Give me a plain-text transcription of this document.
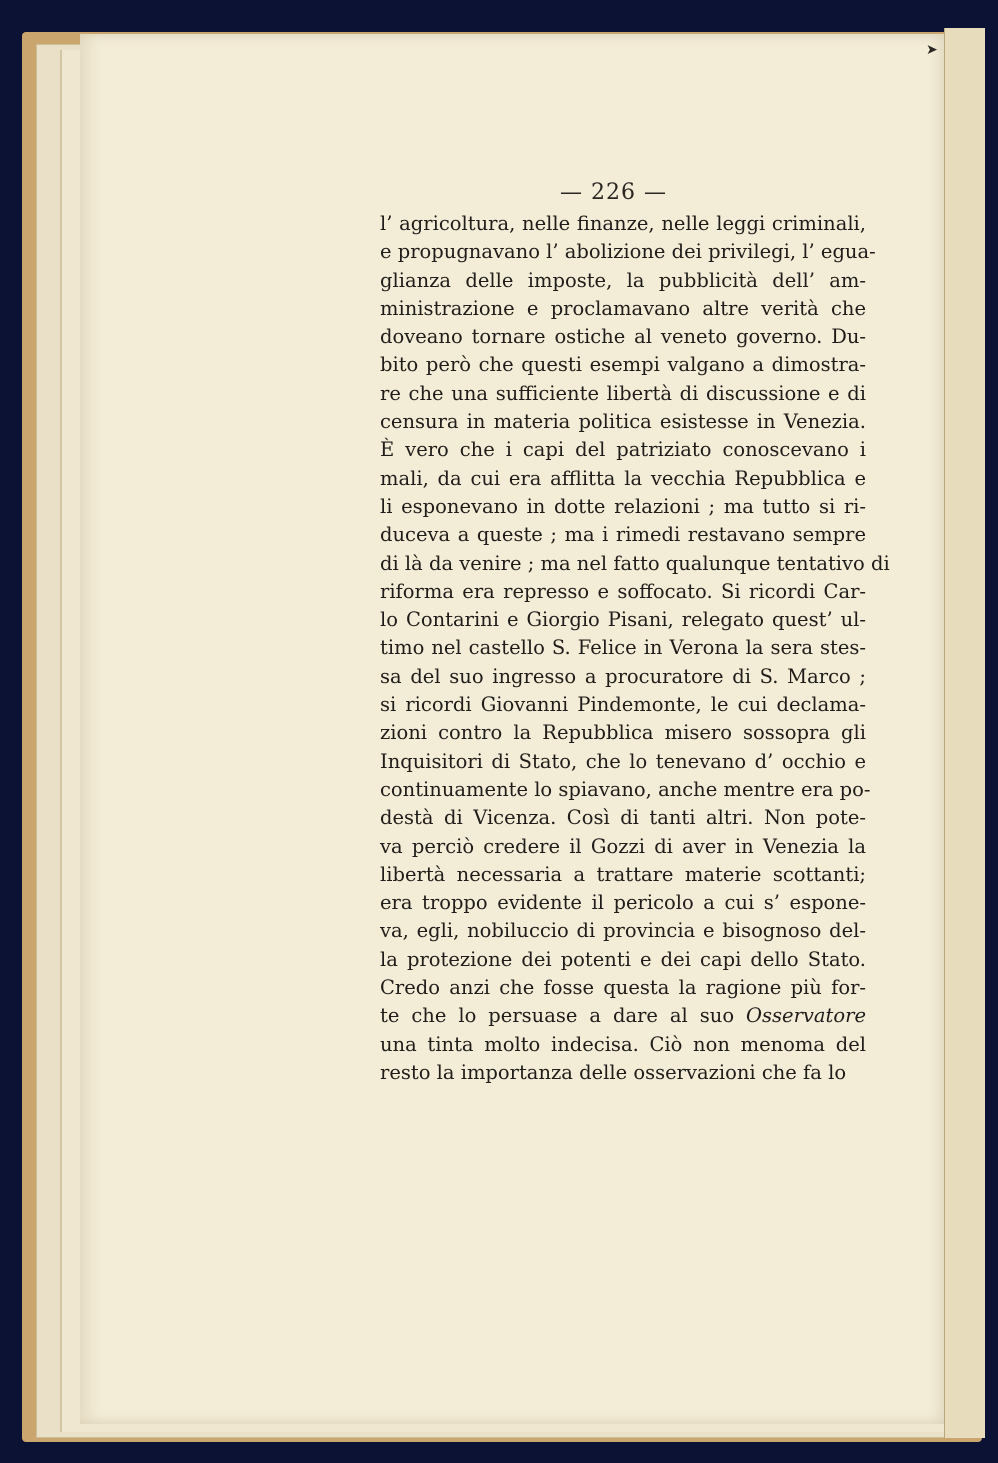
— 226 —
l’ agricoltura, nelle finanze, nelle leggi criminali,
e propugnavano l’ abolizione dei privilegi, l’ egua-
glianza delle imposte, la pubblicità dell’ am-
ministrazione e proclamavano altre verità che
doveano tornare ostiche al veneto governo. Du-
bito però che questi esempi valgano a dimostra-
re che una sufficiente libertà di discussione e di
censura in materia politica esistesse in Venezia.
È vero che i capi del patriziato conoscevano i
mali, da cui era afflitta la vecchia Repubblica e
li esponevano in dotte relazioni ; ma tutto si ri-
duceva a queste ; ma i rimedi restavano sempre
di là da venire ; ma nel fatto qualunque tentativo di
riforma era represso e soffocato. Si ricordi Car-
lo Contarini e Giorgio Pisani, relegato quest’ ul-
timo nel castello S. Felice in Verona la sera stes-
sa del suo ingresso a procuratore di S. Marco ;
si ricordi Giovanni Pindemonte, le cui declama-
zioni contro la Repubblica misero sossopra gli
Inquisitori di Stato, che lo tenevano d’ occhio e
continuamente lo spiavano, anche mentre era po-
destà di Vicenza. Così di tanti altri. Non pote-
va perciò credere il Gozzi di aver in Venezia la
libertà necessaria a trattare materie scottanti;
era troppo evidente il pericolo a cui s’ espone-
va, egli, nobiluccio di provincia e bisognoso del-
la protezione dei potenti e dei capi dello Stato.
Credo anzi che fosse questa la ragione più for-
te che lo persuase a dare al suo Osservatore
una tinta molto indecisa. Ciò non menoma del
resto la importanza delle osservazioni che fa lo
➤
